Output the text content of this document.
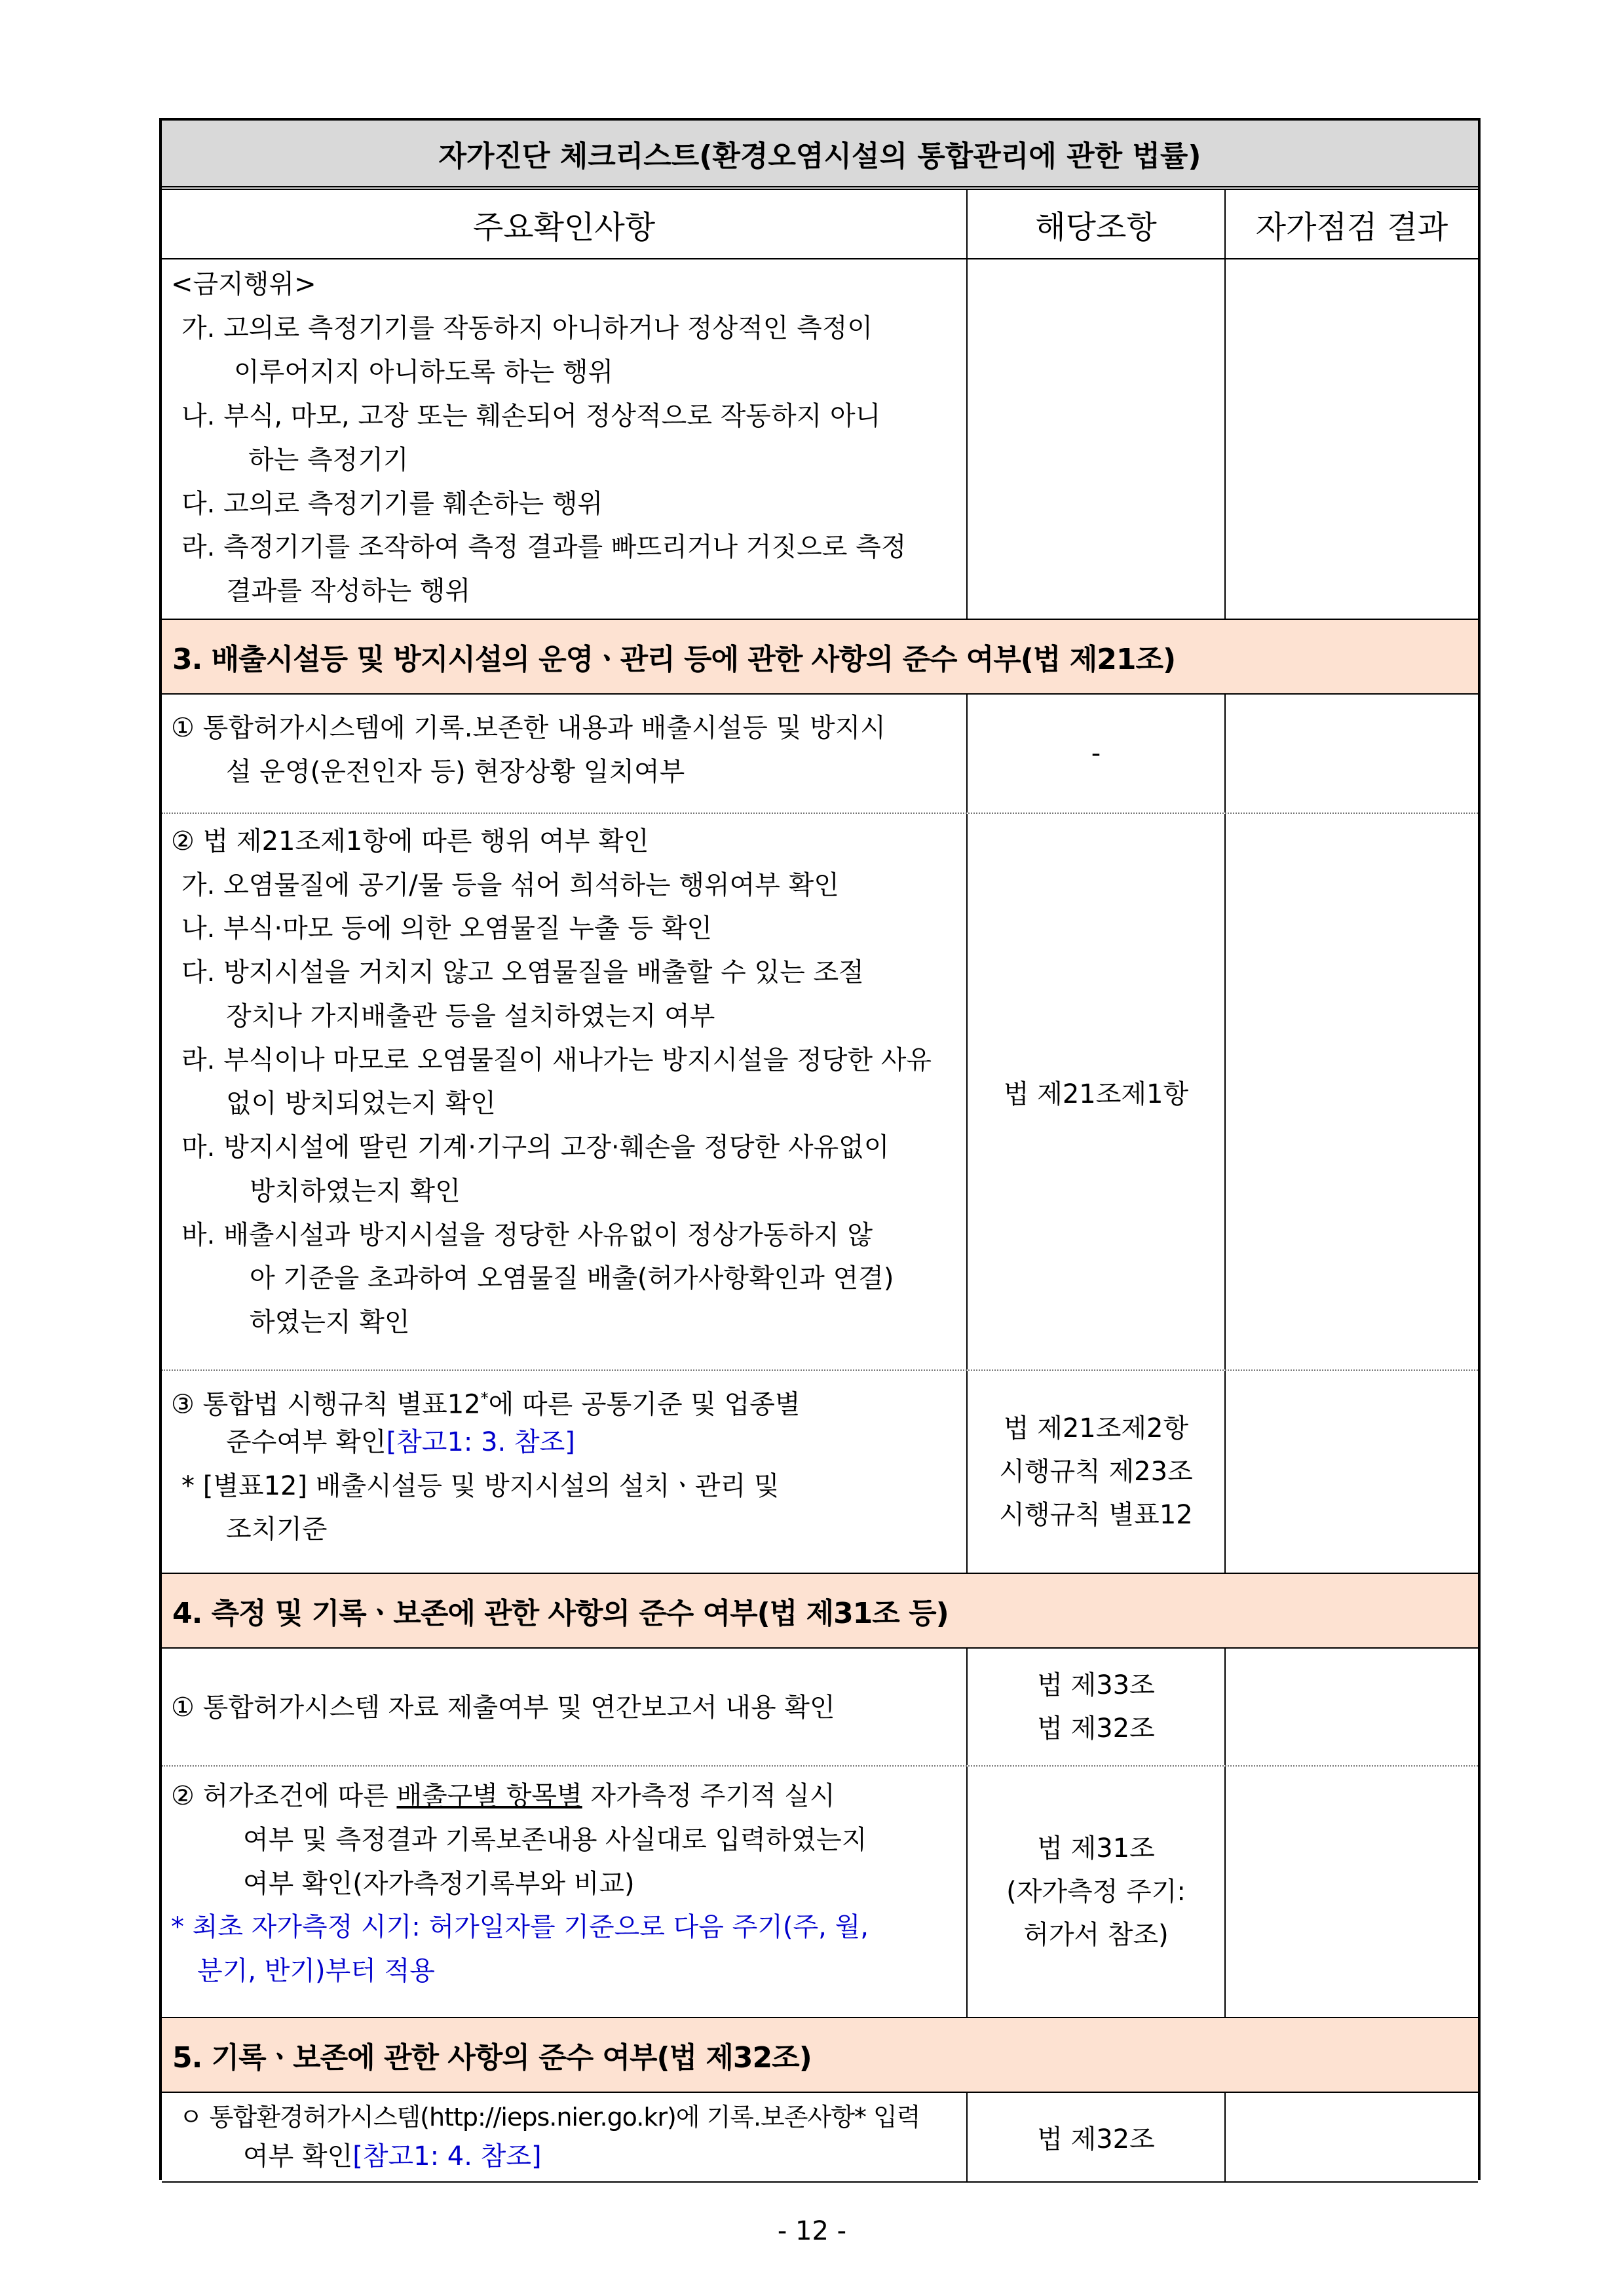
자가진단 체크리스트(환경오염시설의 통합관리에 관한 법률)
주요확인사항	해당조항	자가점검 결과
<금지행위>
가. 고의로 측정기기를 작동하지 아니하거나 정상적인 측정이
이루어지지 아니하도록 하는 행위
나. 부식, 마모, 고장 또는 훼손되어 정상적으로 작동하지 아니
하는 측정기기
다. 고의로 측정기기를 훼손하는 행위
라. 측정기기를 조작하여 측정 결과를 빠뜨리거나 거짓으로 측정
결과를 작성하는 행위
3. 배출시설등 및 방지시설의 운영ㆍ관리 등에 관한 사항의 준수 여부(법 제21조)
① 통합허가시스템에 기록.보존한 내용과 배출시설등 및 방지시
설 운영(운전인자 등) 현장상황 일치여부
-
② 법 제21조제1항에 따른 행위 여부 확인
가. 오염물질에 공기/물 등을 섞어 희석하는 행위여부 확인
나. 부식·마모 등에 의한 오염물질 누출 등 확인
다. 방지시설을 거치지 않고 오염물질을 배출할 수 있는 조절
장치나 가지배출관 등을 설치하였는지 여부
라. 부식이나 마모로 오염물질이 새나가는 방지시설을 정당한 사유
없이 방치되었는지 확인
마. 방지시설에 딸린 기계·기구의 고장·훼손을 정당한 사유없이
방치하였는지 확인
바. 배출시설과 방지시설을 정당한 사유없이 정상가동하지 않
아 기준을 초과하여 오염물질 배출(허가사항확인과 연결)
하였는지 확인
법 제21조제1항
③ 통합법 시행규칙 별표12*에 따른 공통기준 및 업종별
준수여부 확인[참고1: 3. 참조]
* [별표12] 배출시설등 및 방지시설의 설치ㆍ관리 및
조치기준
법 제21조제2항
시행규칙 제23조
시행규칙 별표12
4. 측정 및 기록ㆍ보존에 관한 사항의 준수 여부(법 제31조 등)
① 통합허가시스템 자료 제출여부 및 연간보고서 내용 확인
법 제33조
법 제32조
② 허가조건에 따른 배출구별 항목별 자가측정 주기적 실시
여부 및 측정결과 기록보존내용 사실대로 입력하였는지
여부 확인(자가측정기록부와 비교)
* 최초 자가측정 시기: 허가일자를 기준으로 다음 주기(주, 월,
분기, 반기)부터 적용
법 제31조
(자가측정 주기:
허가서 참조)
5. 기록ㆍ보존에 관한 사항의 준수 여부(법 제32조)
ㅇ 통합환경허가시스템(http://ieps.nier.go.kr)에 기록.보존사항* 입력
여부 확인[참고1: 4. 참조]
법 제32조
- 12 -
